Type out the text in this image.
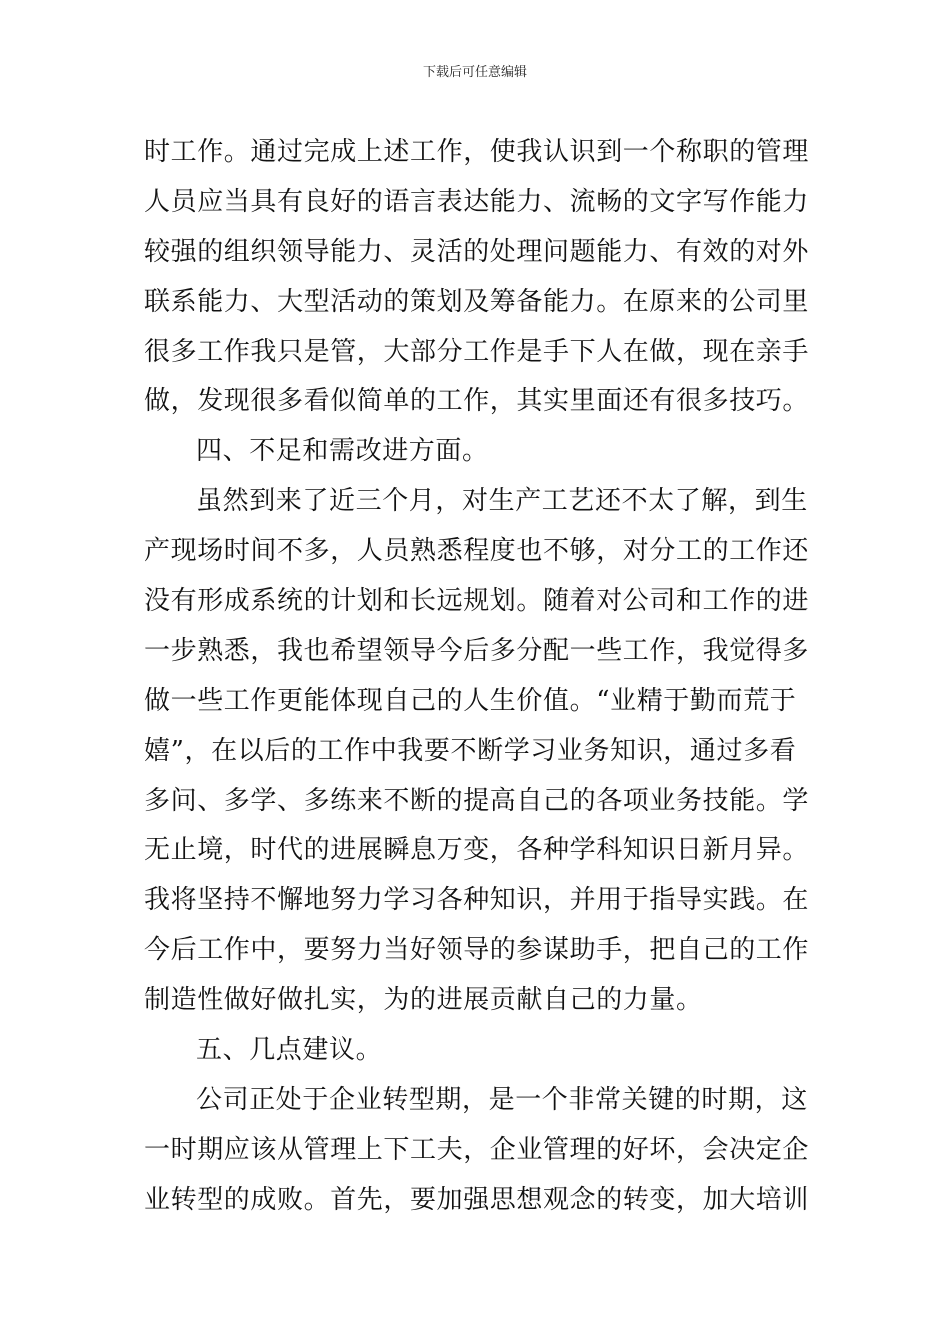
下载后可任意编辑
时工作。通过完成上述工作，使我认识到一个称职的管理
人员应当具有良好的语言表达能力、流畅的文字写作能力
较强的组织领导能力、灵活的处理问题能力、有效的对外
联系能力、大型活动的策划及筹备能力。在原来的公司里
很多工作我只是管，大部分工作是手下人在做，现在亲手
做，发现很多看似简单的工作，其实里面还有很多技巧。
四、不足和需改进方面。
虽然到来了近三个月，对生产工艺还不太了解，到生
产现场时间不多，人员熟悉程度也不够，对分工的工作还
没有形成系统的计划和长远规划。随着对公司和工作的进
一步熟悉，我也希望领导今后多分配一些工作，我觉得多
做一些工作更能体现自己的人生价值。“业精于勤而荒于
嬉”，在以后的工作中我要不断学习业务知识，通过多看
多问、多学、多练来不断的提高自己的各项业务技能。学
无止境，时代的进展瞬息万变，各种学科知识日新月异。
我将坚持不懈地努力学习各种知识，并用于指导实践。在
今后工作中，要努力当好领导的参谋助手，把自己的工作
制造性做好做扎实，为的进展贡献自己的力量。
五、几点建议。
公司正处于企业转型期，是一个非常关键的时期，这
一时期应该从管理上下工夫，企业管理的好坏，会决定企
业转型的成败。首先，要加强思想观念的转变，加大培训
